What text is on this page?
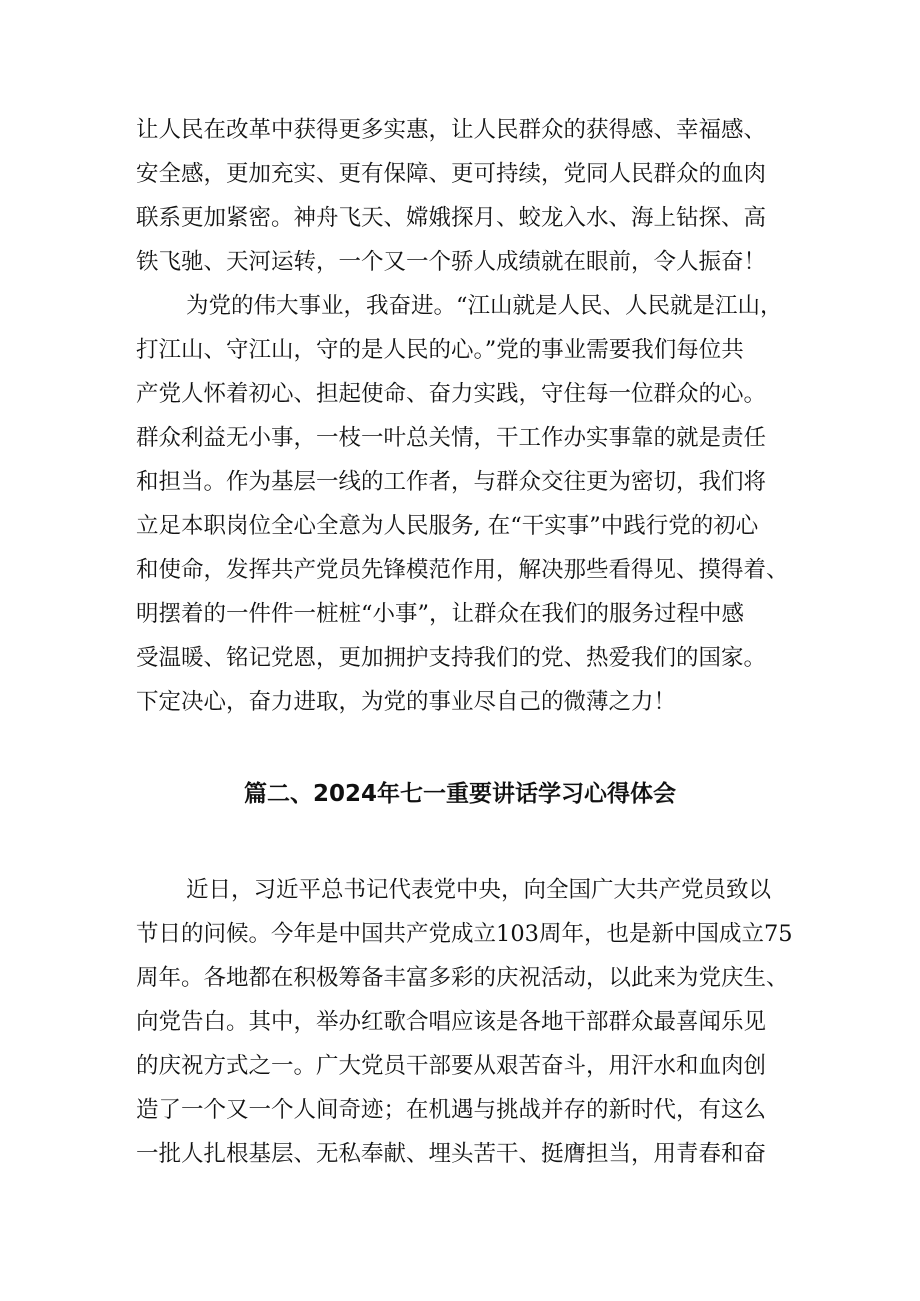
让人民在改革中获得更多实惠，让人民群众的获得感、幸福感、
安全感，更加充实、更有保障、更可持续，党同人民群众的血肉
联系更加紧密。神舟飞天、嫦娥探月、蛟龙入水、海上钻探、高
铁飞驰、天河运转，一个又一个骄人成绩就在眼前，令人振奋！
为党的伟大事业，我奋进。“江山就是人民、人民就是江山，
打江山、守江山，守的是人民的心。”党的事业需要我们每位共
产党人怀着初心、担起使命、奋力实践，守住每一位群众的心。
群众利益无小事，一枝一叶总关情，干工作办实事靠的就是责任
和担当。作为基层一线的工作者，与群众交往更为密切，我们将
立足本职岗位全心全意为人民服务, 在“干实事”中践行党的初心
和使命，发挥共产党员先锋模范作用，解决那些看得见、摸得着、
明摆着的一件件一桩桩“小事”，让群众在我们的服务过程中感
受温暖、铭记党恩，更加拥护支持我们的党、热爱我们的国家。
下定决心，奋力进取，为党的事业尽自己的微薄之力！
篇二、2024年七一重要讲话学习心得体会
近日，习近平总书记代表党中央，向全国广大共产党员致以
节日的问候。今年是中国共产党成立103周年，也是新中国成立75
周年。各地都在积极筹备丰富多彩的庆祝活动，以此来为党庆生、
向党告白。其中，举办红歌合唱应该是各地干部群众最喜闻乐见
的庆祝方式之一。广大党员干部要从艰苦奋斗，用汗水和血肉创
造了一个又一个人间奇迹；在机遇与挑战并存的新时代，有这么
一批人扎根基层、无私奉献、埋头苦干、挺膺担当，用青春和奋
